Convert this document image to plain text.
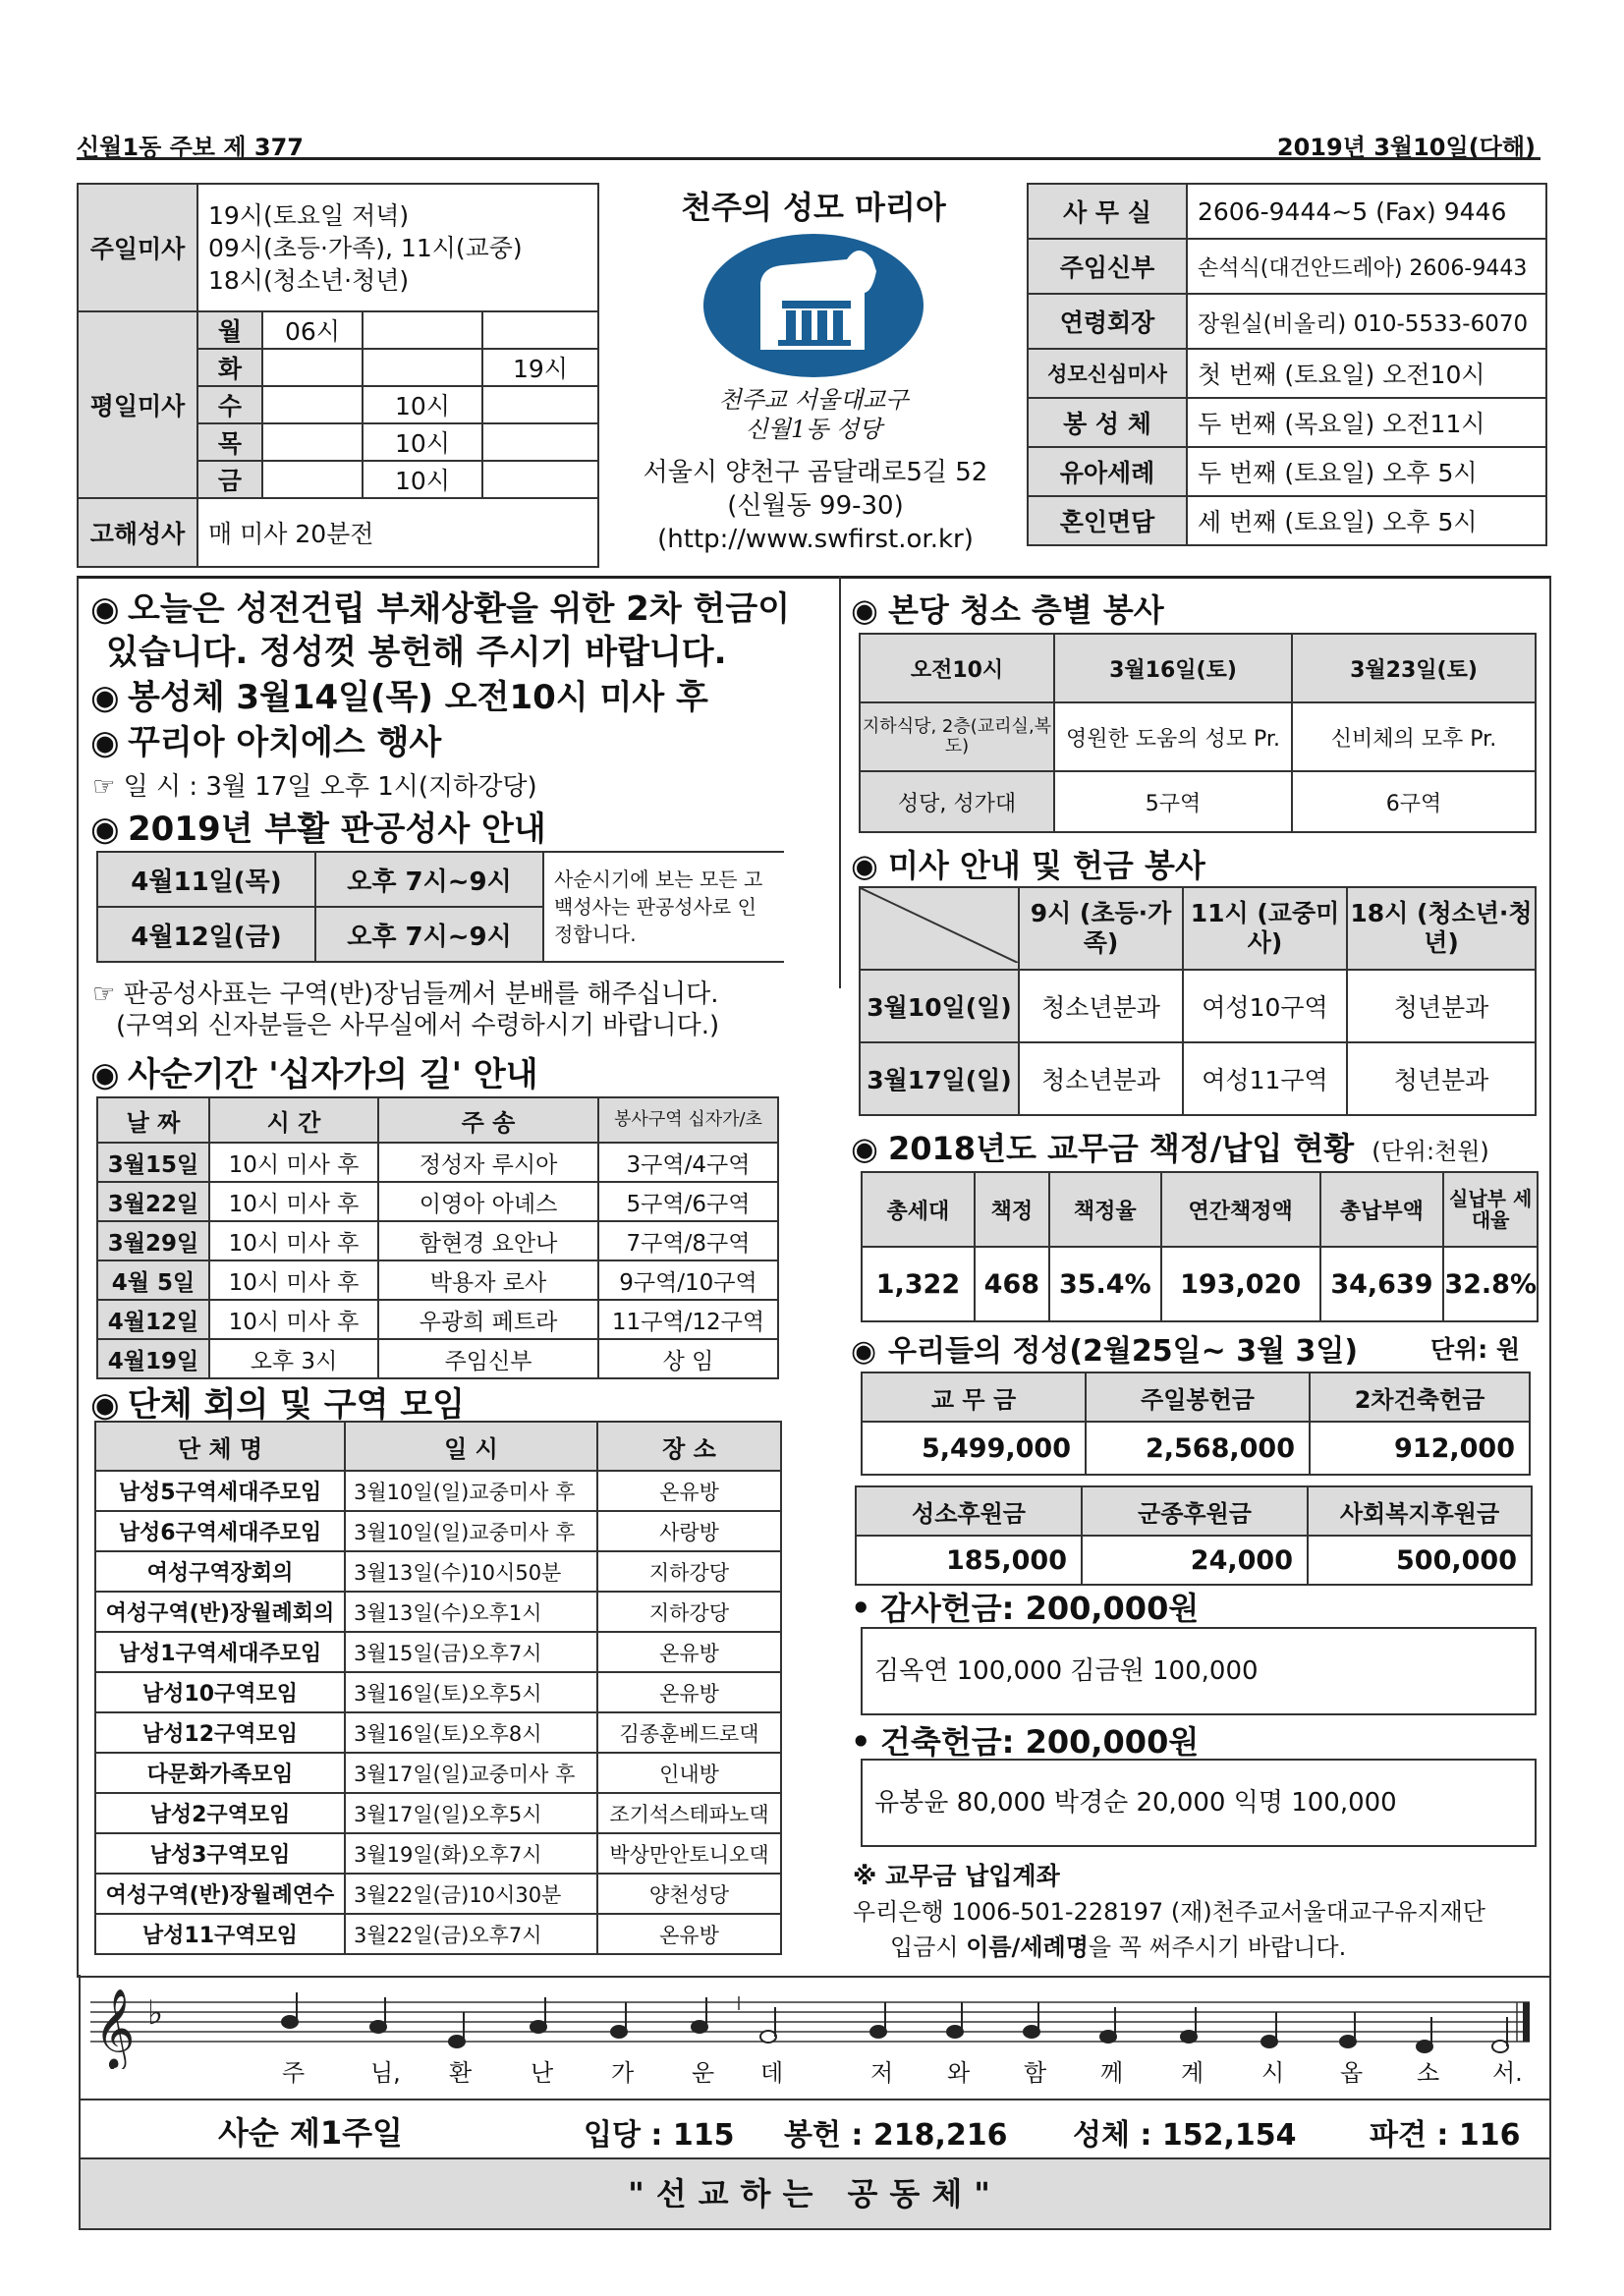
신월1동 주보 제 377	2019년 3월10일(다해)
주일미사	19시(토요일 저녁)
09시(초등·가족), 11시(교중)
18시(청소년·청년)			

평일미사	월	06시		
	화			19시
	수		10시	
	목		10시	
	금		10시	
고해성사	매 미사 20분전			
천주의 성모 마리아
천주교 서울대교구
신월1동 성당
서울시 양천구 곰달래로5길 52
(신월동 99-30)
(http://www.swfirst.or.kr)
사 무 실	2606-9444~5 (Fax) 9446
주임신부	손석식(대건안드레아) 2606-9443
연령회장	장원실(비올리) 010-5533-6070
성모신심미사	첫 번째 (토요일) 오전10시
봉 성 체	두 번째 (목요일) 오전11시
유아세례	두 번째 (토요일) 오후 5시
혼인면담	세 번째 (토요일) 오후 5시
◉ 오늘은 성전건립 부채상환을 위한 2차 헌금이
있습니다. 정성껏 봉헌해 주시기 바랍니다.
◉ 봉성체 3월14일(목) 오전10시 미사 후
◉ 꾸리아 아치에스 행사
☞ 일 시 : 3월 17일 오후 1시(지하강당)
◉ 2019년 부활 판공성사 안내
4월11일(목)	오후 7시~9시	사순시기에 보는 모든 고백성사는 판공성사로 인정합니다.
4월12일(금)	오후 7시~9시	
☞ 판공성사표는 구역(반)장님들께서 분배를 해주십니다.
(구역외 신자분들은 사무실에서 수령하시기 바랍니다.)
◉ 사순기간 '십자가의 길' 안내
날 짜	시 간	주 송	봉사구역 십자가/초
3월15일	10시 미사 후	정성자 루시아	3구역/4구역
3월22일	10시 미사 후	이영아 아녜스	5구역/6구역
3월29일	10시 미사 후	함현경 요안나	7구역/8구역
4월 5일	10시 미사 후	박용자 로사	9구역/10구역
4월12일	10시 미사 후	우광희 페트라	11구역/12구역
4월19일	오후 3시	주임신부	상 임
◉ 단체 회의 및 구역 모임
단 체 명	일 시	장 소
남성5구역세대주모임	3월10일(일)교중미사 후	온유방
남성6구역세대주모임	3월10일(일)교중미사 후	사랑방
여성구역장회의	3월13일(수)10시50분	지하강당
여성구역(반)장월례회의	3월13일(수)오후1시	지하강당
남성1구역세대주모임	3월15일(금)오후7시	온유방
남성10구역모임	3월16일(토)오후5시	온유방
남성12구역모임	3월16일(토)오후8시	김종훈베드로댁
다문화가족모임	3월17일(일)교중미사 후	인내방
남성2구역모임	3월17일(일)오후5시	조기석스테파노댁
남성3구역모임	3월19일(화)오후7시	박상만안토니오댁
여성구역(반)장월례연수	3월22일(금)10시30분	양천성당
남성11구역모임	3월22일(금)오후7시	온유방
◉ 본당 청소 층별 봉사
오전10시	3월16일(토)	3월23일(토)
지하식당, 2층(교리실,복도)	영원한 도움의 성모 Pr.	신비체의 모후 Pr.
성당, 성가대	5구역	6구역
◉ 미사 안내 및 헌금 봉사
	9시 (초등·가족)	11시 (교중미사)	18시 (청소년·청년)
3월10일(일)	청소년분과	여성10구역	청년분과
3월17일(일)	청소년분과	여성11구역	청년분과
◉ 2018년도 교무금 책정/납입 현황 (단위:천원)
총세대	책정	책정율	연간책정액	총납부액	실납부 세대율
1,322	468	35.4%	193,020	34,639	32.8%
◉ 우리들의 정성(2월25일~ 3월 3일)	단위: 원
교 무 금	주일봉헌금	2차건축헌금
5,499,000	2,568,000	912,000
성소후원금	군종후원금	사회복지후원금
185,000	24,000	500,000
• 감사헌금: 200,000원
김옥연 100,000 김금원 100,000
• 건축헌금: 200,000원
유봉윤 80,000 박경순 20,000 익명 100,000
※ 교무금 납입계좌
우리은행 1006-501-228197 (재)천주교서울대교구유지재단
입금시 이름/세례명을 꼭 써주시기 바랍니다.
𝄞 ♭
주	님, 환 난 가 운 데	저 와 함 께 계 시 옵 소 서.
사순 제1주일	입당 : 115 봉헌 : 218,216 성체 : 152,154 파견 : 116
"선교하는 공동체"
